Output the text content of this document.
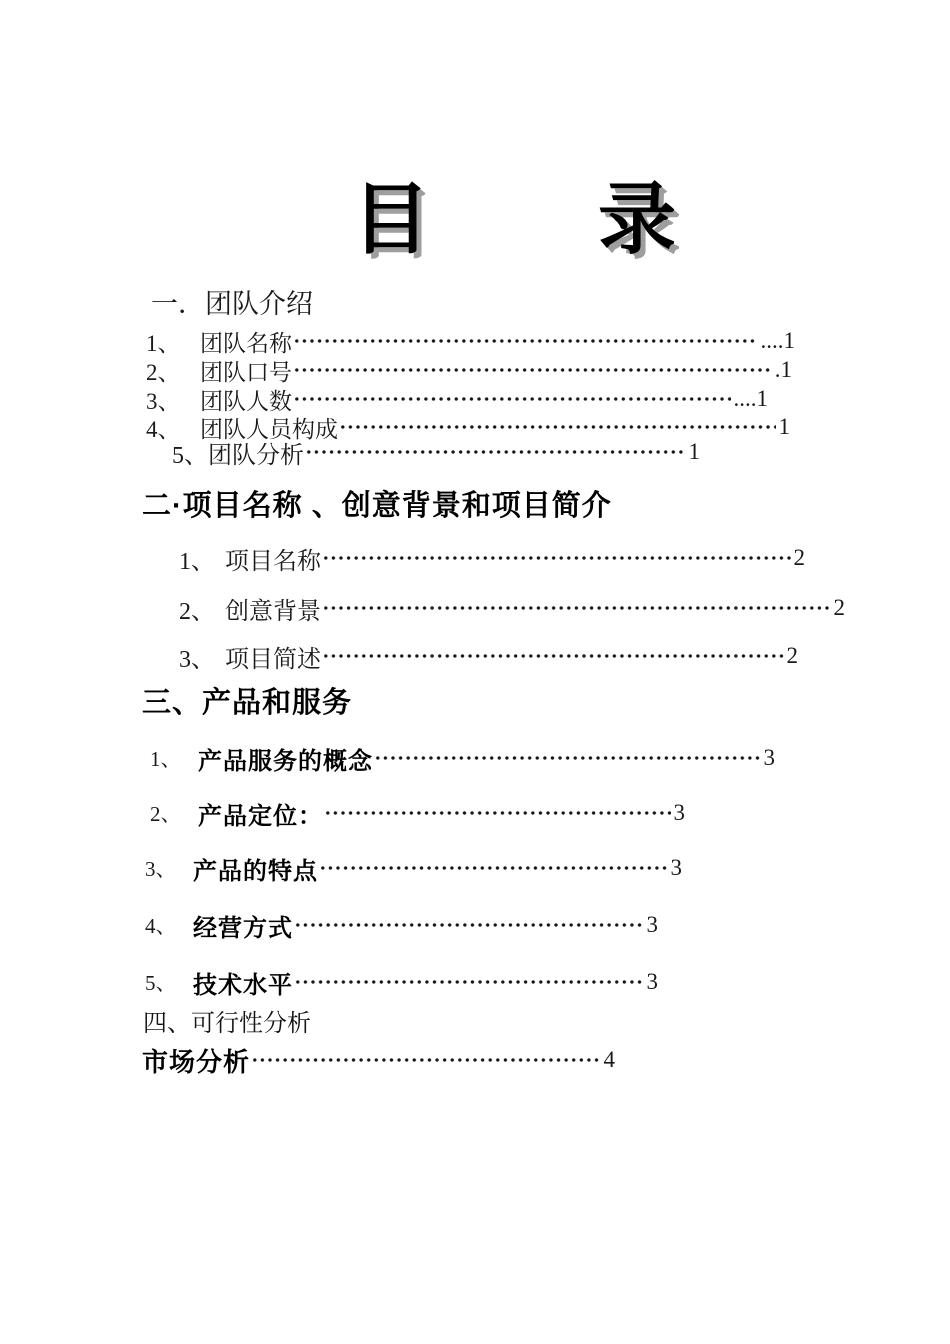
目录
一．团队介绍
1、 团队名称	....1
2、 团队口号	.1
3、 团队人数	....1
4、 团队人员构成	1
5、 团队分析	1
二·项目名称 、创意背景和项目简介
1、 项目名称	2
2、 创意背景	2
3、 项目简述	2
三、产品和服务
1、 产品服务的概念	3
2、 产品定位：	3
3、 产品的特点	3
4、 经营方式	3
5、 技术水平	3
四、可行性分析
市场分析	4
